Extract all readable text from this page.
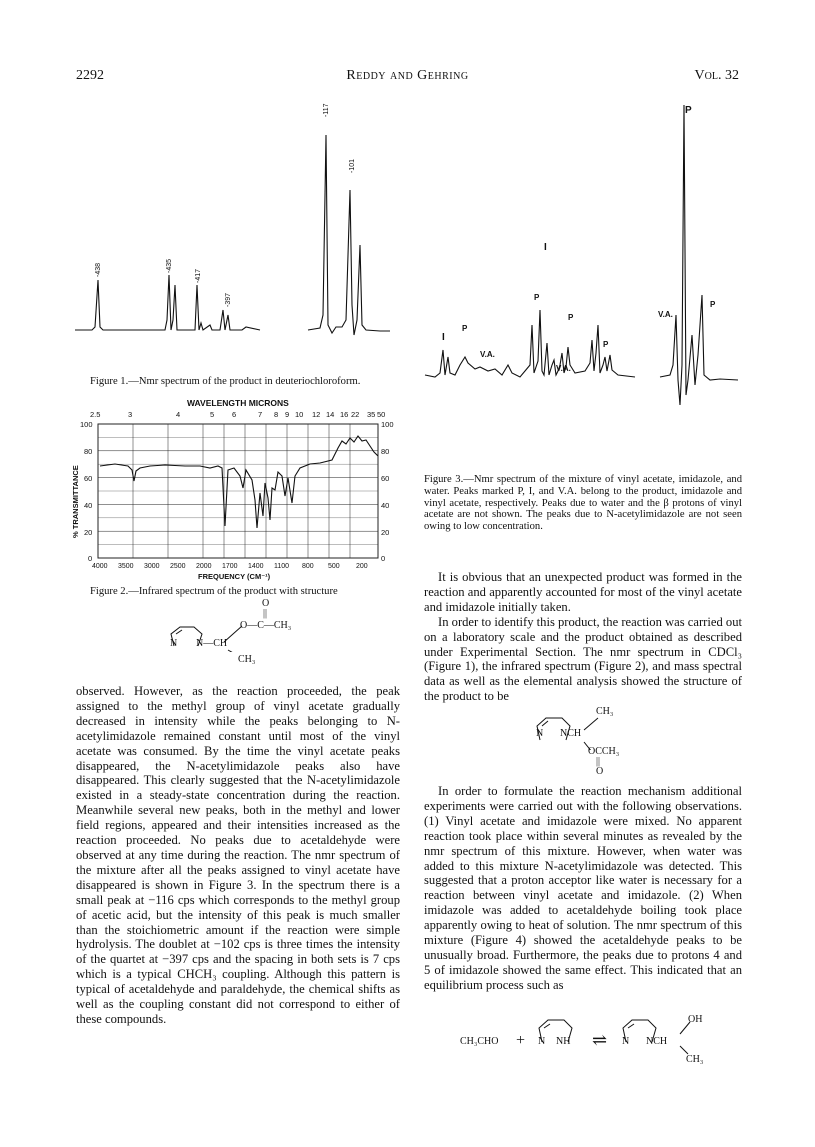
2292	Reddy and Gehring	Vol. 32
-438	-435
-417
-397
-117
-101
Figure 1.—Nmr spectrum of the product in deuteriochloroform.
WAVELENGTH MICRONS
2.5	3	4	5 6	7 8 9 10 12 14 16 22 35 50
100
80
60
40
20
0
100
80
60
40
20
0
% TRANSMITTANCE
4000 3500 3000 2500 2000 1700 1400 1100 800 500 200
FREQUENCY (CM⁻¹)
Figure 2.—Infrared spectrum of the product with structure
O
||
O—C—CH₃
N N—CH
CH₃
observed. However, as the reaction proceeded, the peak assigned to the methyl group of vinyl acetate gradually decreased in intensity while the peaks belonging to N-acetylimidazole remained constant until most of the vinyl acetate was consumed. By the time the vinyl acetate peaks disappeared, the N-acetylimidazole peaks also have disappeared. This clearly suggested that the N-acetylimidazole existed in a steady-state concentration during the reaction. Meanwhile several new peaks, both in the methyl and lower field regions, appeared and their intensities increased as the reaction proceeded. No peaks due to acetaldehyde were observed at any time during the reaction. The nmr spectrum of the mixture after all the peaks assigned to vinyl acetate have disappeared is shown in Figure 3. In the spectrum there is a small peak at −116 cps which corresponds to the methyl group of acetic acid, but the intensity of this peak is much smaller than the stoichiometric amount if the reaction were simple hydrolysis. The doublet at −102 cps is three times the intensity of the quartet at −397 cps and the spacing in both sets is 7 cps which is a typical CHCH₃ coupling. Although this pattern is typical of acetaldehyde and paraldehyde, the chemical shifts as well as the coupling constant did not correspond to either of these compounds.
P
I
P
P
P
I
V.A.
V.A.
P
V.A.
P
Figure 3.—Nmr spectrum of the mixture of vinyl acetate, imidazole, and water. Peaks marked P, I, and V.A. belong to the product, imidazole and vinyl acetate, respectively. Peaks due to water and the β protons of vinyl acetate are not shown. The peaks due to N-acetylimidazole are not seen owing to low concentration.

It is obvious that an unexpected product was formed in the reaction and apparently accounted for most of the vinyl acetate and imidazole initially taken.

In order to identify this product, the reaction was carried out on a laboratory scale and the product obtained as described under Experimental Section. The nmr spectrum in CDCl₃ (Figure 1), the infrared spectrum (Figure 2), and mass spectral data as well as the elemental analysis showed the structure of the product to be

CH₃
N NCH
OCCH₃
||
O

In order to formulate the reaction mechanism additional experiments were carried out with the following observations. (1) Vinyl acetate and imidazole were mixed. No apparent reaction took place within several minutes as revealed by the nmr spectrum of this mixture. However, when water was added to this mixture N-acetylimidazole was detected. This suggested that a proton acceptor like water is necessary for a reaction between vinyl acetate and imidazole. (2) When imidazole was added to acetaldehyde boiling took place apparently owing to heat of solution. The nmr spectrum of this mixture (Figure 4) showed the acetaldehyde peaks to be unusually broad. Furthermore, the peaks due to protons 4 and 5 of imidazole showed the same effect. This indicated that an equilibrium process such as

CH₃CHO + N NH ⇌ N NCH
OH
CH₃
